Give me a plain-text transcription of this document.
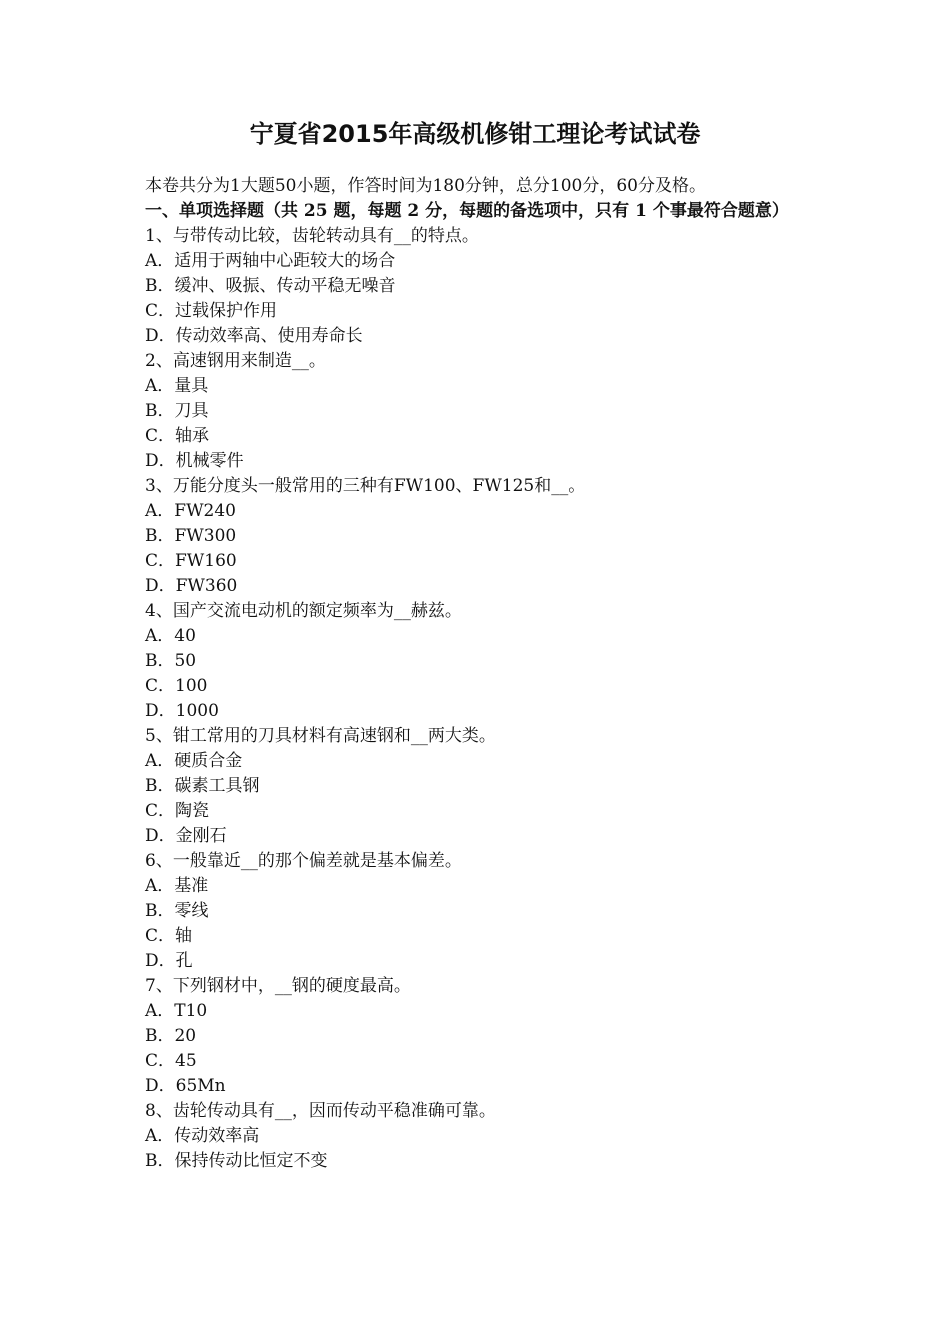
宁夏省2015年高级机修钳工理论考试试卷
本卷共分为1大题50小题，作答时间为180分钟，总分100分，60分及格。
一、单项选择题（共 25 题，每题 2 分，每题的备选项中，只有 1 个事最符合题意）
1、与带传动比较，齿轮转动具有__的特点。
A．适用于两轴中心距较大的场合
B．缓冲、吸振、传动平稳无噪音
C．过载保护作用
D．传动效率高、使用寿命长
2、高速钢用来制造__。
A．量具
B．刀具
C．轴承
D．机械零件
3、万能分度头一般常用的三种有FW100、FW125和__。
A．FW240
B．FW300
C．FW160
D．FW360
4、国产交流电动机的额定频率为__赫兹。
A．40
B．50
C．100
D．1000
5、钳工常用的刀具材料有高速钢和__两大类。
A．硬质合金
B．碳素工具钢
C．陶瓷
D．金刚石
6、一般靠近__的那个偏差就是基本偏差。
A．基准
B．零线
C．轴
D．孔
7、下列钢材中，__钢的硬度最高。
A．T10
B．20
C．45
D．65Mn
8、齿轮传动具有__，因而传动平稳准确可靠。
A．传动效率高
B．保持传动比恒定不变
